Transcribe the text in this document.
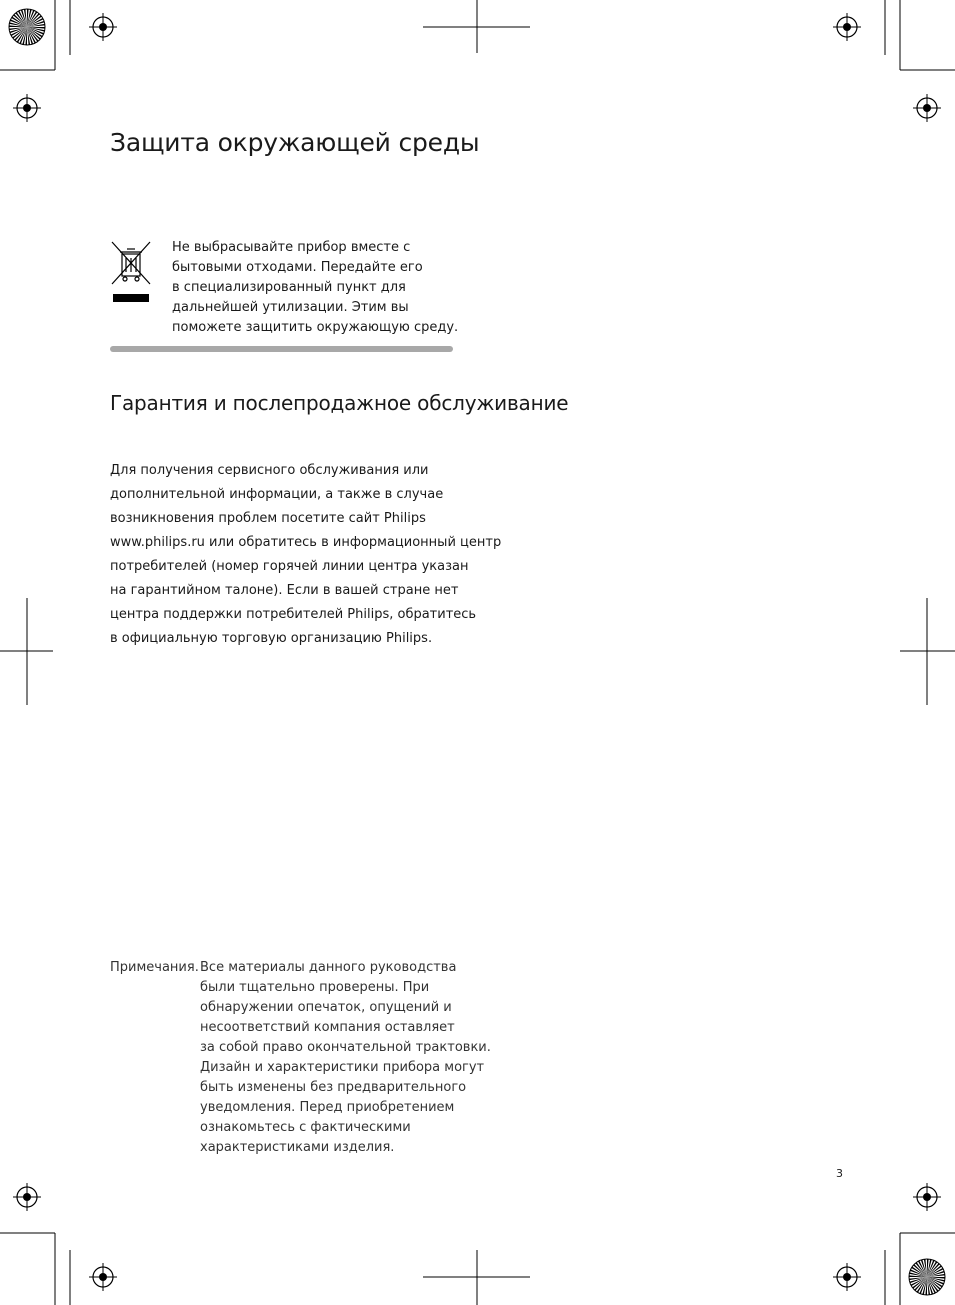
Защита окружающей среды
Не выбрасывайте прибор вместе с
бытовыми отходами. Передайте его
в специализированный пункт для
дальнейшей утилизации. Этим вы
поможете защитить окружающую среду.
Гарантия и послепродажное обслуживание
Для получения сервисного обслуживания или
дополнительной информации, а также в случае
возникновения проблем посетите сайт Philips
www.philips.ru или обратитесь в информационный центр
потребителей (номер горячей линии центра указан
на гарантийном талоне). Если в вашей стране нет
центра поддержки потребителей Philips, обратитесь
в официальную торговую организацию Philips.
Примечания. Все материалы данного руководства
были тщательно проверены. При
обнаружении опечаток, опущений и
несоответствий компания оставляет
за собой право окончательной трактовки.
Дизайн и характеристики прибора могут
быть изменены без предварительного
уведомления. Перед приобретением
ознакомьтесь с фактическими
характеристиками изделия.
3
